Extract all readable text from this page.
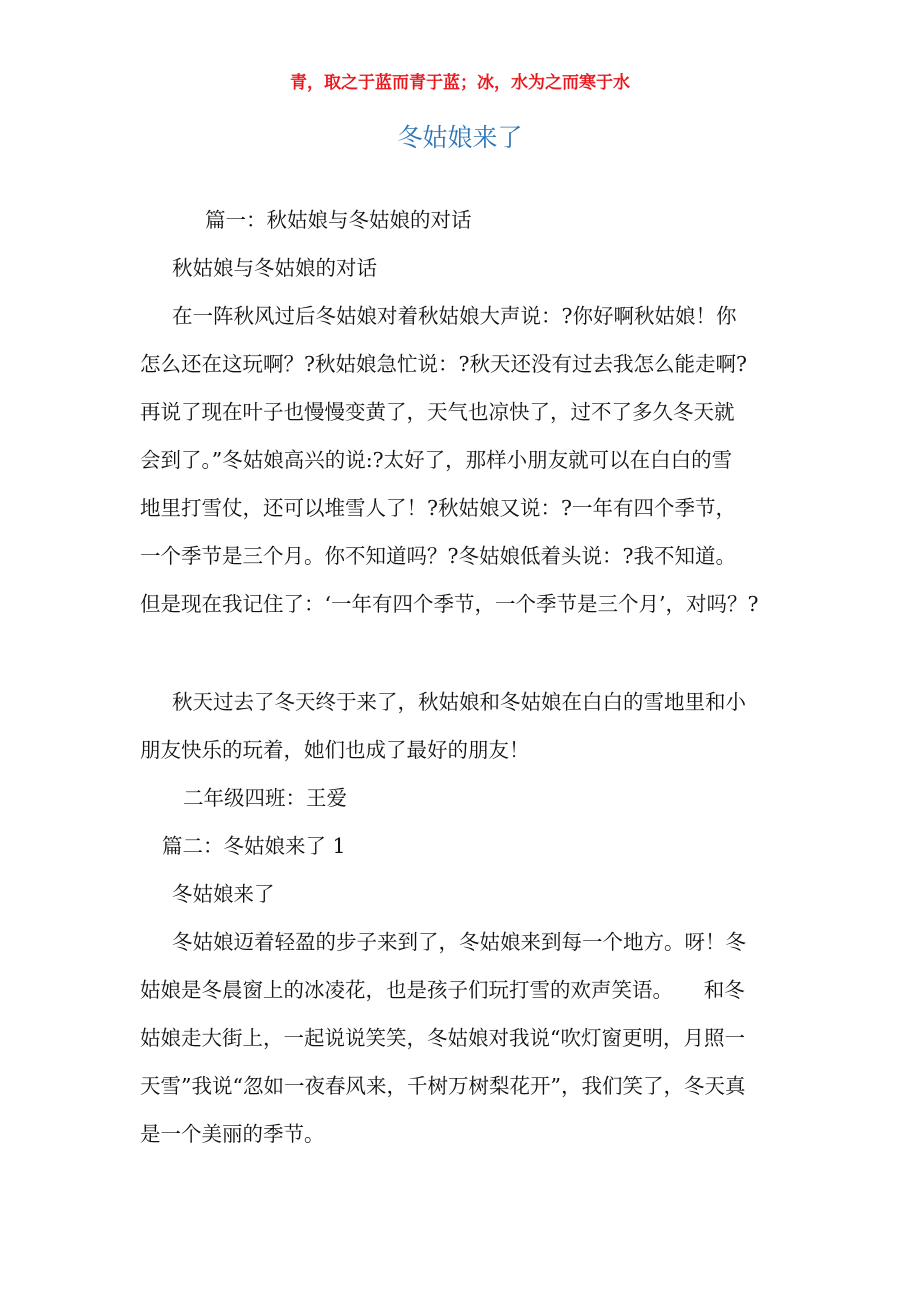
青，取之于蓝而青于蓝；冰，水为之而寒于水
冬姑娘来了
篇一：秋姑娘与冬姑娘的对话
秋姑娘与冬姑娘的对话
在一阵秋风过后冬姑娘对着秋姑娘大声说：?你好啊秋姑娘！你
怎么还在这玩啊？?秋姑娘急忙说：?秋天还没有过去我怎么能走啊?
再说了现在叶子也慢慢变黄了，天气也凉快了，过不了多久冬天就
会到了。”冬姑娘高兴的说:?太好了，那样小朋友就可以在白白的雪
地里打雪仗，还可以堆雪人了！?秋姑娘又说：?一年有四个季节，
一个季节是三个月。你不知道吗？?冬姑娘低着头说：?我不知道。
但是现在我记住了：‘一年有四个季节，一个季节是三个月’，对吗？?
秋天过去了冬天终于来了，秋姑娘和冬姑娘在白白的雪地里和小
朋友快乐的玩着，她们也成了最好的朋友！
二年级四班：王爱
篇二：冬姑娘来了 1
冬姑娘来了
冬姑娘迈着轻盈的步子来到了，冬姑娘来到每一个地方。呀！冬
姑娘是冬晨窗上的冰凌花，也是孩子们玩打雪的欢声笑语。　　和冬
姑娘走大街上，一起说说笑笑，冬姑娘对我说“吹灯窗更明，月照一
天雪”我说“忽如一夜春风来，千树万树梨花开”，我们笑了，冬天真
是一个美丽的季节。
